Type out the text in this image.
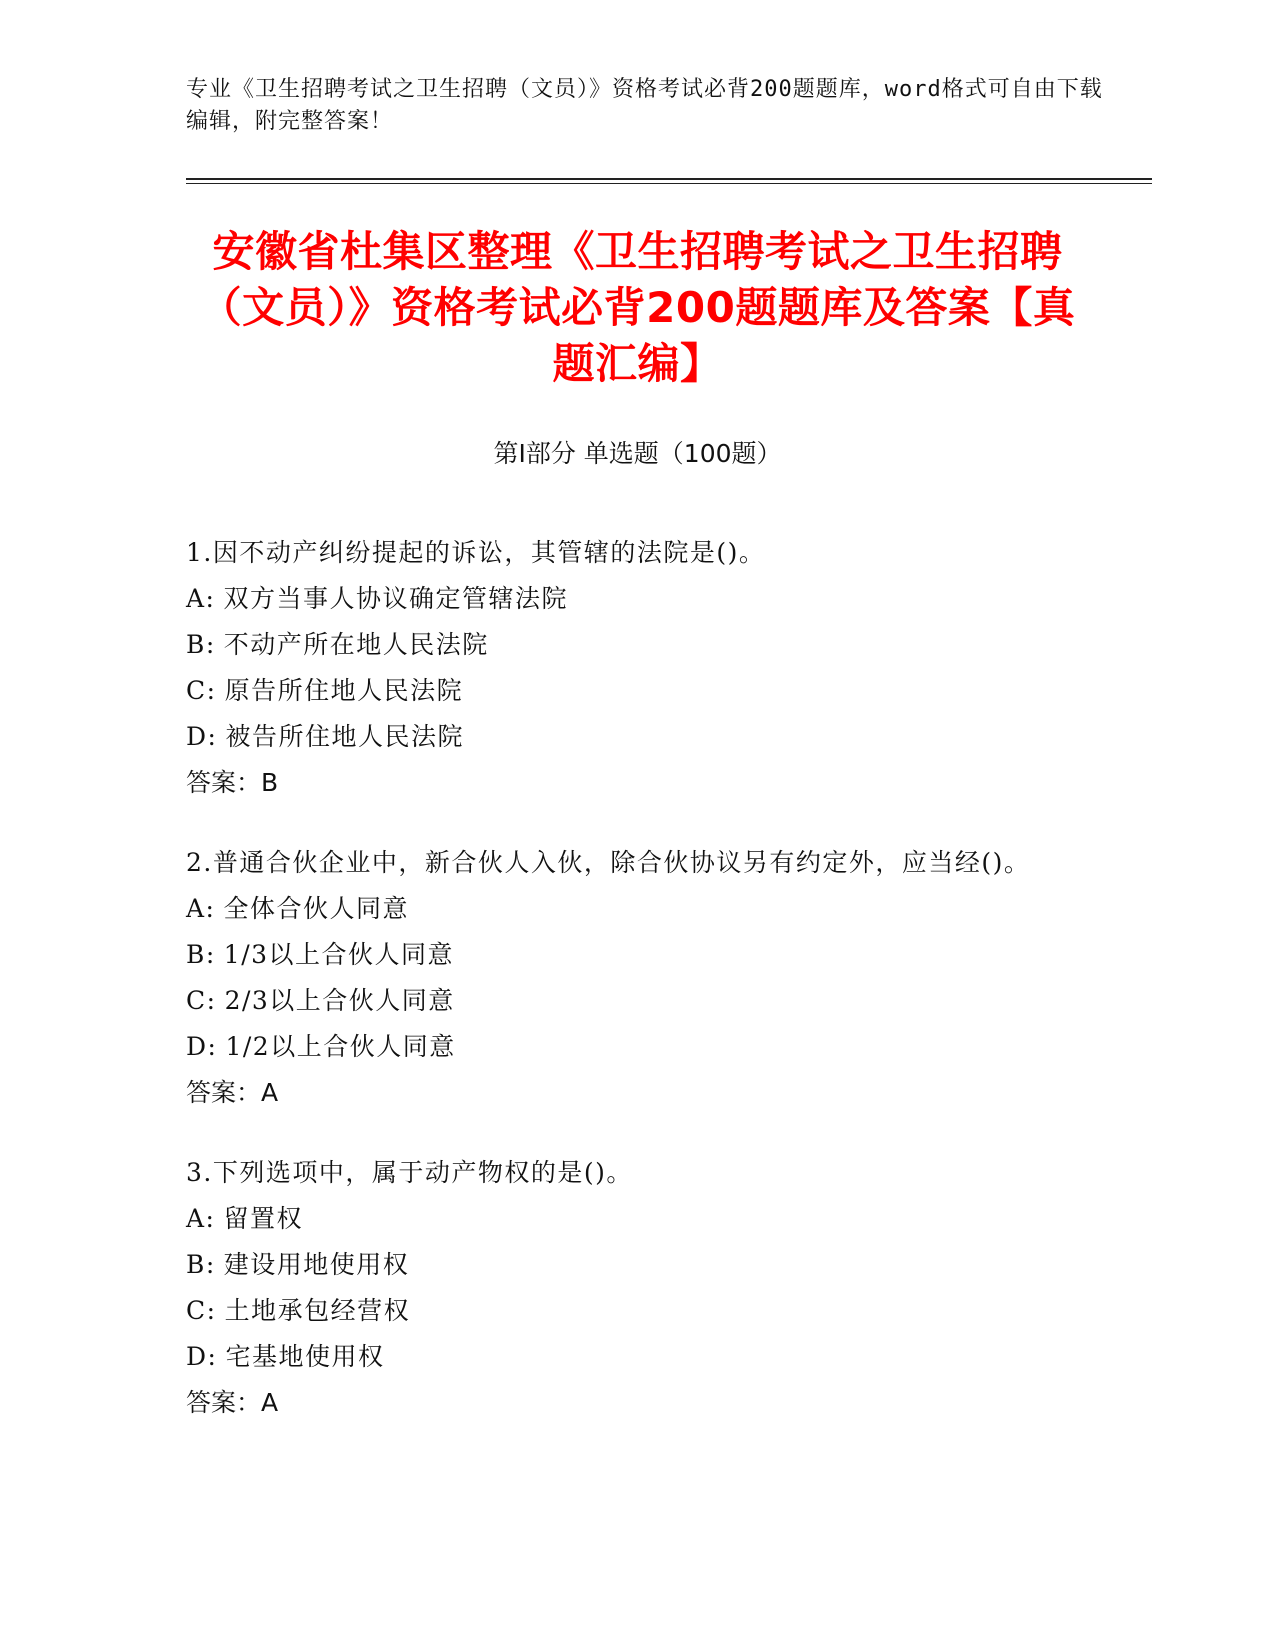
专业《卫生招聘考试之卫生招聘（文员）》资格考试必背200题题库，word格式可自由下载编辑，附完整答案！
安徽省杜集区整理《卫生招聘考试之卫生招聘（文员）》资格考试必背200题题库及答案【真题汇编】
第Ⅰ部分 单选题（100题）

1.因不动产纠纷提起的诉讼，其管辖的法院是()。

A: 双方当事人协议确定管辖法院

B: 不动产所在地人民法院

C: 原告所住地人民法院

D: 被告所住地人民法院

答案：B

2.普通合伙企业中，新合伙人入伙，除合伙协议另有约定外，应当经()。

A: 全体合伙人同意

B: 1/3以上合伙人同意

C: 2/3以上合伙人同意

D: 1/2以上合伙人同意

答案：A

3.下列选项中，属于动产物权的是()。

A: 留置权

B: 建设用地使用权

C: 土地承包经营权

D: 宅基地使用权

答案：A
